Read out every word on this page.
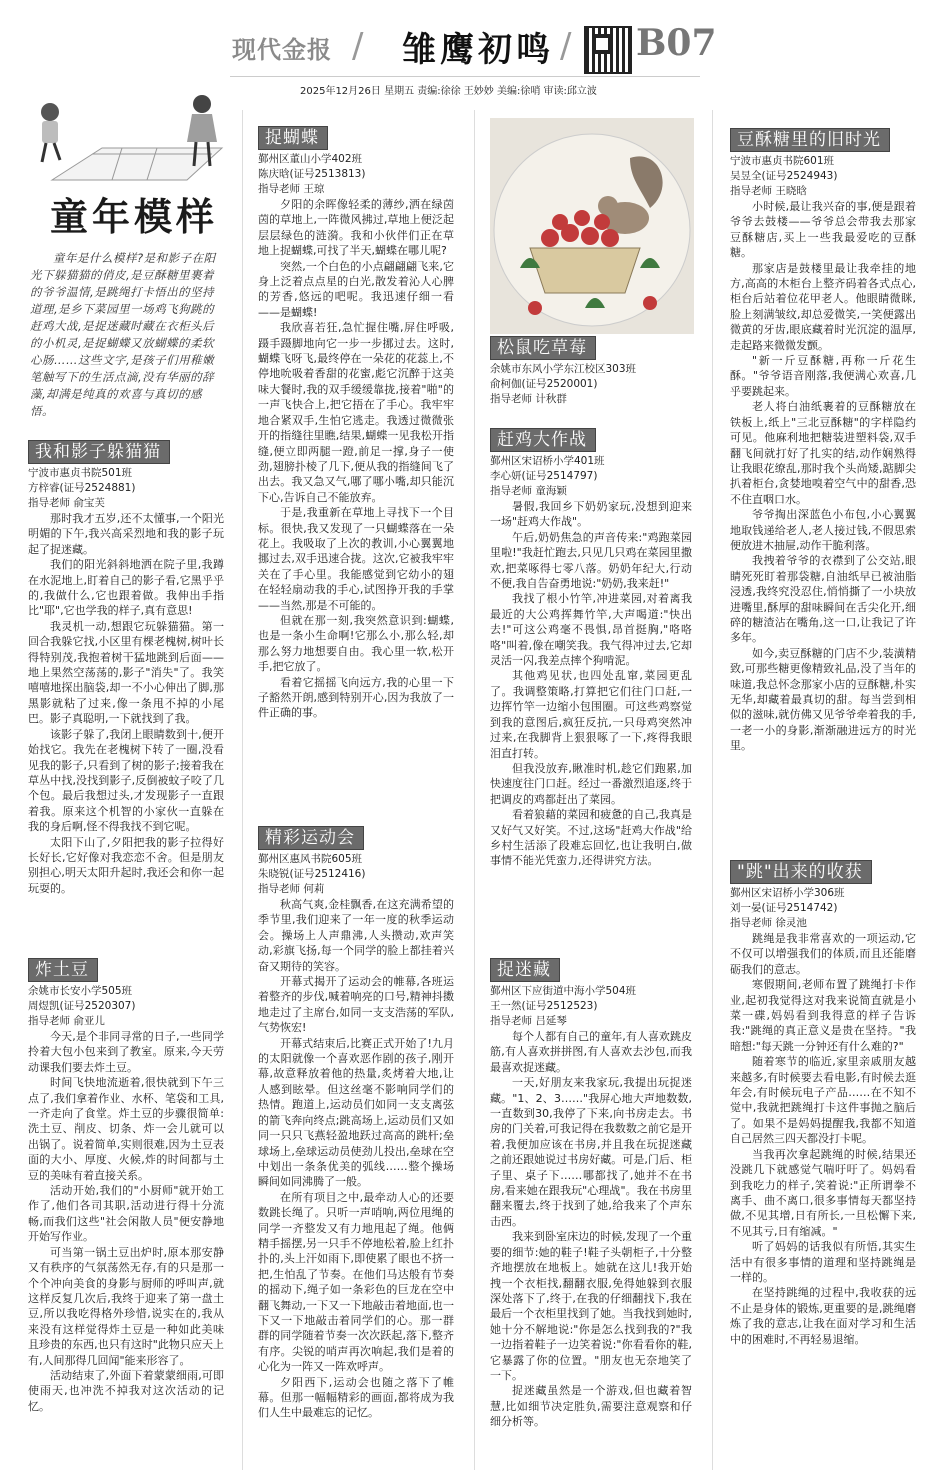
现代金报 / 雏鹰初鸣 / B07
2025年12月26日 星期五 责编:徐徐 王妙妙 美编:徐哨 审读:邱立波
童年模样
童年是什么模样?是和影子在阳光下躲猫猫的俏皮,是豆酥糖里裹着的爷爷温情,是跳绳打卡悟出的坚持道理,是乡下菜园里一场鸡飞狗跳的赶鸡大战,是捉迷藏时藏在衣柜头后的小机灵,是捉蝴蝶又放蝴蝶的柔软心肠……这些文字,是孩子们用稚嫩笔触写下的生活点滴,没有华丽的辞藻,却满是纯真的欢喜与真切的感悟。
我和影子躲猫猫

宁波市惠贞书院501班

方梓睿(证号2524881)

指导老师 俞宝芙

那时我才五岁,还不太懂事,一个阳光明媚的下午,我兴高采烈地和我的影子玩起了捉迷藏。

我们的阳光斜斜地洒在院子里,我蹲在水泥地上,盯着自己的影子看,它黑乎乎的,我做什么,它也跟着做。我伸出手指比"耶",它也学我的样子,真有意思!

我灵机一动,想跟它玩躲猫猫。第一回合我躲它找,小区里有棵老槐树,树叶长得特别茂,我抱着树干猛地跳到后面——地上果然空荡荡的,影子"消失"了。我笑嘻嘻地探出脑袋,却一不小心伸出了脚,那黑影就粘了过来,像一条甩不掉的小尾巴。影子真聪明,一下就找到了我。

该影子躲了,我闭上眼睛数到十,便开始找它。我先在老槐树下转了一圈,没看见我的影子,只看到了树的影子;接着我在草丛中找,没找到影子,反倒被蚊子咬了几个包。最后我想过头,才发现影子一直跟着我。原来这个机智的小家伙一直躲在我的身后啊,怪不得我找不到它呢。

太阳下山了,夕阳把我的影子拉得好长好长,它好像对我恋恋不舍。但是朋友别担心,明天太阳升起时,我还会和你一起玩耍的。

炸土豆

余姚市长安小学505班

周煜凯(证号2520307)

指导老师 俞亚儿

今天,是个非同寻常的日子,一些同学拎着大包小包来到了教室。原来,今天劳动课我们要去炸土豆。

时间飞快地流逝着,很快就到下午三点了,我们拿着作业、水杯、笔袋和工具,一齐走向了食堂。炸土豆的步骤很简单:洗土豆、削皮、切条、炸一会儿就可以出锅了。说着简单,实则很难,因为土豆表面的大小、厚度、火候,炸的时间都与土豆的美味有着直接关系。

活动开始,我们的"小厨师"就开始工作了,他们各司其职,活动进行得十分流畅,而我们这些"社会闲散人员"便安静地开始写作业。

可当第一锅土豆出炉时,原本那安静又有秩序的气氛荡然无存,有的只是那一个个冲向美食的身影与厨师的呼叫声,就这样反复几次后,我终于迎来了第一盘土豆,所以我吃得格外珍惜,说实在的,我从来没有这样觉得炸土豆是一种如此美味且珍贵的东西,也只有这时"此物只应天上有,人间那得几回闻"能来形容了。

活动结束了,外面下着蒙蒙细雨,可即使雨天,也冲洗不掉我对这次活动的记忆。

捉蝴蝶

鄞州区董山小学402班

陈庆晗(证号2513813)

指导老师 王琼

夕阳的余晖像轻柔的薄纱,洒在绿茵茵的草地上,一阵微风拂过,草地上便泛起层层绿色的涟漪。我和小伙伴们正在草地上捉蝴蝶,可找了半天,蝴蝶在哪儿呢?

突然,一个白色的小点翩翩翩飞来,它身上泛着点点星的白光,散发着沁人心脾的芳香,悠远的吧呢。我迅速仔细一看——是蝴蝶!

我欣喜若狂,急忙握住嘴,屏住呼吸,蹑手蹑脚地向它一步一步挪过去。这时,蝴蝶飞呀飞,最终停在一朵花的花蕊上,不停地吮吸着香甜的花蜜,彪它沉醉于这美味大餐时,我的双手缓缓靠拢,接着"啪"的一声飞快合上,把它捂在了手心。我牢牢地合紧双手,生怕它逃走。我透过微微张开的指缝往里瞧,结果,蝴蝶一见我松开指缝,便立即两腿一蹬,前足一撑,身子一使劲,翅膀扑棱了几下,便从我的指缝间飞了出去。我又急又气,哪了哪小嘴,却只能沉下心,告诉自己不能放弃。

于是,我重新在草地上寻找下一个目标。很快,我又发现了一只蝴蝶落在一朵花上。我吸取了上次的教训,小心翼翼地挪过去,双手迅速合拢。这次,它被我牢牢关在了手心里。我能感觉到它幼小的翅在轻轻扇动我的手心,试图挣开我的手掌——当然,那是不可能的。

但就在那一刻,我突然意识到:蝴蝶,也是一条小生命啊!它那么小,那么轻,却那么努力地想要自由。我心里一软,松开手,把它放了。

看着它摇摇飞向远方,我的心里一下子豁然开朗,感到特别开心,因为我放了一件正确的事。

精彩运动会

鄞州区惠风书院605班

朱晓锐(证号2512416)

指导老师 何莉

秋高气爽,金桂飘香,在这充满希望的季节里,我们迎来了一年一度的秋季运动会。操场上人声鼎沸,人头攒动,欢声笑动,彩旗飞扬,每一个同学的脸上都挂着兴奋又期待的笑容。

开幕式揭开了运动会的帷幕,各班运着整齐的步伐,喊着响亮的口号,精神抖擞地走过了主席台,如同一支支浩荡的军队,气势恢宏!

开幕式结束后,比赛正式开始了!九月的太阳就像一个喜欢恶作剧的孩子,刚开幕,故意释放着他的热量,炙烤着大地,让人感到眩晕。但这丝毫不影响同学们的热情。跑道上,运动员们如同一支支离弦的箭飞奔向终点;跳高场上,运动员们又如同一只只飞燕轻盈地跃过高高的跳杆;垒球场上,垒球运动员使劲儿投出,垒球在空中划出一条条优美的弧线……整个操场瞬间如同沸腾了一般。

在所有项目之中,最牵动人心的还要数跳长绳了。只听一声哨响,两位甩绳的同学一齐整发又有力地甩起了绳。他俩精手摇摆,另一只手不停地松着,脸上红扑扑的,头上汗如雨下,即使累了眼也不挤一把,生怕乱了节奏。在他们马达般有节奏的摇动下,绳子如一条彩色的巨龙在空中翻飞舞动,一下又一下地敲击着地面,也一下又一下地敲击着同学们的心。那一群群的同学随着节奏一次次跃起,落下,整齐有序。尖锐的哨声再次响起,我们是着的心化为一阵又一阵欢呼声。

夕阳西下,运动会也随之落下了帷幕。但那一幅幅精彩的画面,都将成为我们人生中最难忘的记忆。

松鼠吃草莓

余姚市东风小学东江校区303班

俞柯伽(证号2520001)

指导老师 计秋群

赶鸡大作战

鄞州区宋诏桥小学401班

李心妍(证号2514797)

指导老师 童海颖

暑假,我回乡下奶奶家玩,没想到迎来一场"赶鸡大作战"。

午后,奶奶焦急的声音传来:"鸡跑菜园里啦!"我赶忙跑去,只见几只鸡在菜园里撒欢,把菜啄得七零八落。奶奶年纪大,行动不便,我自告奋勇地说:"奶奶,我来赶!"

我找了根小竹竿,冲进菜园,对着离我最近的大公鸡挥舞竹竿,大声喝道:"快出去!"可这公鸡毫不畏惧,昂首挺胸,"咯咯咯"叫着,像在嘲笑我。我气得冲过去,它却灵活一闪,我差点摔个狗啃泥。

其他鸡见状,也四处乱窜,菜园更乱了。我调整策略,打算把它们往门口赶,一边挥竹竿一边缩小包围圈。可这些鸡察觉到我的意图后,疯狂反抗,一只母鸡突然冲过来,在我脚背上狠狠啄了一下,疼得我眼泪直打转。

但我没放弃,瞅准时机,趁它们跑累,加快速度往门口赶。经过一番激烈追逐,终于把调皮的鸡都赶出了菜园。

看着狼藉的菜园和疲惫的自己,我真是又好气又好笑。不过,这场"赶鸡大作战"给乡村生活添了段难忘回忆,也让我明白,做事情不能光凭蛮力,还得讲究方法。

捉迷藏

鄞州区下应街道中海小学504班

王一然(证号2512523)

指导老师 吕延琴

每个人都有自己的童年,有人喜欢跳皮筋,有人喜欢拼拼图,有人喜欢去沙包,而我最喜欢捉迷藏。

一天,好朋友来我家玩,我提出玩捉迷藏。"1、2、3……"我屏心地大声地数数,一直数到30,我停了下来,向书房走去。书房的门关着,可我记得在我数数之前它是开着,我便加应该在书房,并且我在玩捉迷藏之前还跟她说过书房好藏。可是,门后、柜子里、桌子下……哪都找了,她并不在书房,看来她在跟我玩"心理战"。我在书房里翻来覆去,终于找到了她,给我来了个声东击西。

我来到卧室床边的时候,发现了一个重要的细节:她的鞋子!鞋子头朝柜子,十分整齐地摆放在地板上。她就在这儿!我开始拽一个衣柜找,翻翻衣服,免得她躲到衣服深处落下了,终于,在我的仔细翻找下,我在最后一个衣柜里找到了她。当我找到她时,她十分不解地说:"你是怎么找到我的?"我一边指着鞋子一边笑着说:"你看看你的鞋,它暴露了你的位置。"朋友也无奈地笑了一下。

捉迷藏虽然是一个游戏,但也藏着智慧,比如细节决定胜负,需要注意观察和仔细分析等。

豆酥糖里的旧时光

宁波市惠贞书院601班

吴昱全(证号2524943)

指导老师 王晓晗

小时候,最让我兴奋的事,便是跟着爷爷去鼓楼——爷爷总会带我去那家豆酥糖店,买上一些我最爱吃的豆酥糖。

那家店是鼓楼里最让我牵挂的地方,高高的木柜台上整齐码着各式点心,柜台后站着位花甲老人。他眼睛微眯,脸上刻满皱纹,却总爱微笑,一笑便露出微黄的牙齿,眼底藏着时光沉淀的温厚,走起路来微微发颤。

"新一斤豆酥糖,再称一斤花生酥。"爷爷语音刚落,我便满心欢喜,几乎要跳起来。

老人将白油纸裹着的豆酥糖放在铁板上,纸上"三北豆酥糖"的字样隐约可见。他麻利地把糖装进塑料袋,双手翻飞间就打好了扎实的结,动作娴熟得让我眼花缭乱,那时我个头尚矮,踮脚尖扒着柜台,贪婪地嗅着空气中的甜香,恐不住直咽口水。

爷爷掏出深蓝色小布包,小心翼翼地取钱递给老人,老人接过钱,不假思索便放进木抽屉,动作干脆利落。

我拽着爷爷的衣襟到了公交站,眼睛死死盯着那袋糖,自油纸早已被油脂浸透,我终究没忍住,悄悄撕了一小块放进嘴里,酥厚的甜味瞬间在舌尖化开,细碎的糖渣沾在嘴角,这一口,让我记了许多年。

如今,卖豆酥糖的门店不少,装潢精致,可那些糖更像精致礼品,没了当年的味道,我总怀念那家小店的豆酥糖,朴实无华,却藏着最真切的甜。每当尝到相似的滋味,就仿佛又见爷爷牵着我的手,一老一小的身影,渐渐融进远方的时光里。

"跳"出来的收获

鄞州区宋诏桥小学306班

刘一晏(证号2514742)

指导老师 徐灵池

跳绳是我非常喜欢的一项运动,它不仅可以增强我们的体质,而且还能磨砺我们的意志。

寒假期间,老师布置了跳绳打卡作业,起初我觉得这对我来说简直就是小菜一碟,妈妈看到我得意的样子告诉我:"跳绳的真正意义是贵在坚持。"我暗想:"每天跳一分钟还有什么难的?"

随着寒节的临近,家里亲戚朋友越来越多,有时候要去看电影,有时候去逛年会,有时候玩电子产品……在不知不觉中,我就把跳绳打卡这件事抛之脑后了。如果不是妈妈提醒我,我都不知道自己居然三四天都没打卡呢。

当我再次拿起跳绳的时候,结果还没跳几下就感觉气喘吁吁了。妈妈看到我吃力的样子,笑着说:"正所谓拳不离手、曲不离口,很多事情每天都坚持做,不见其增,日有所长,一旦松懈下来,不见其亏,日有缩减。"

听了妈妈的话我似有所悟,其实生活中有很多事情的道理和坚持跳绳是一样的。

在坚持跳绳的过程中,我收获的远不止是身体的锻炼,更重要的是,跳绳磨炼了我的意志,让我在面对学习和生活中的困难时,不再轻易退缩。
